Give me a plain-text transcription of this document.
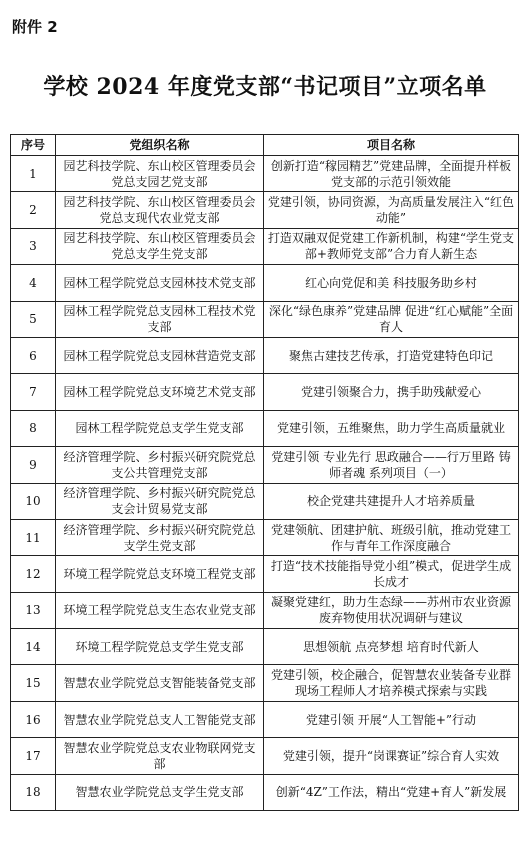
附件 2
学校 2024 年度党支部“书记项目”立项名单
序号	党组织名称	项目名称
1	园艺科技学院、东山校区管理委员会党总支园艺党支部	创新打造“稼园精艺”党建品牌，全面提升样板党支部的示范引领效能
2	园艺科技学院、东山校区管理委员会党总支现代农业党支部	党建引领，协同资源，为高质量发展注入“红色动能”
3	园艺科技学院、东山校区管理委员会党总支学生党支部	打造双融双促党建工作新机制，构建“学生党支部+教师党支部”合力育人新生态
4	园林工程学院党总支园林技术党支部	红心向党促和美 科技服务助乡村
5	园林工程学院党总支园林工程技术党支部	深化“绿色康养”党建品牌 促进“红心赋能”全面育人
6	园林工程学院党总支园林营造党支部	聚焦古建技艺传承，打造党建特色印记
7	园林工程学院党总支环境艺术党支部	党建引领聚合力，携手助残献爱心
8	园林工程学院党总支学生党支部	党建引领，五维聚焦，助力学生高质量就业
9	经济管理学院、乡村振兴研究院党总支公共管理党支部	党建引领 专业先行 思政融合——行万里路 铸师者魂 系列项目（一）
10	经济管理学院、乡村振兴研究院党总支会计贸易党支部	校企党建共建提升人才培养质量
11	经济管理学院、乡村振兴研究院党总支学生党支部	党建领航、团建护航、班级引航，推动党建工作与青年工作深度融合
12	环境工程学院党总支环境工程党支部	打造“技术技能指导党小组”模式，促进学生成长成才
13	环境工程学院党总支生态农业党支部	凝聚党建红，助力生态绿——苏州市农业资源废弃物使用状况调研与建议
14	环境工程学院党总支学生党支部	思想领航 点亮梦想 培育时代新人
15	智慧农业学院党总支智能装备党支部	党建引领，校企融合，促智慧农业装备专业群现场工程师人才培养模式探索与实践
16	智慧农业学院党总支人工智能党支部	党建引领 开展“人工智能+”行动
17	智慧农业学院党总支农业物联网党支部	党建引领，提升“岗课赛证”综合育人实效
18	智慧农业学院党总支学生党支部	创新“4Z”工作法，精出“党建+育人”新发展
